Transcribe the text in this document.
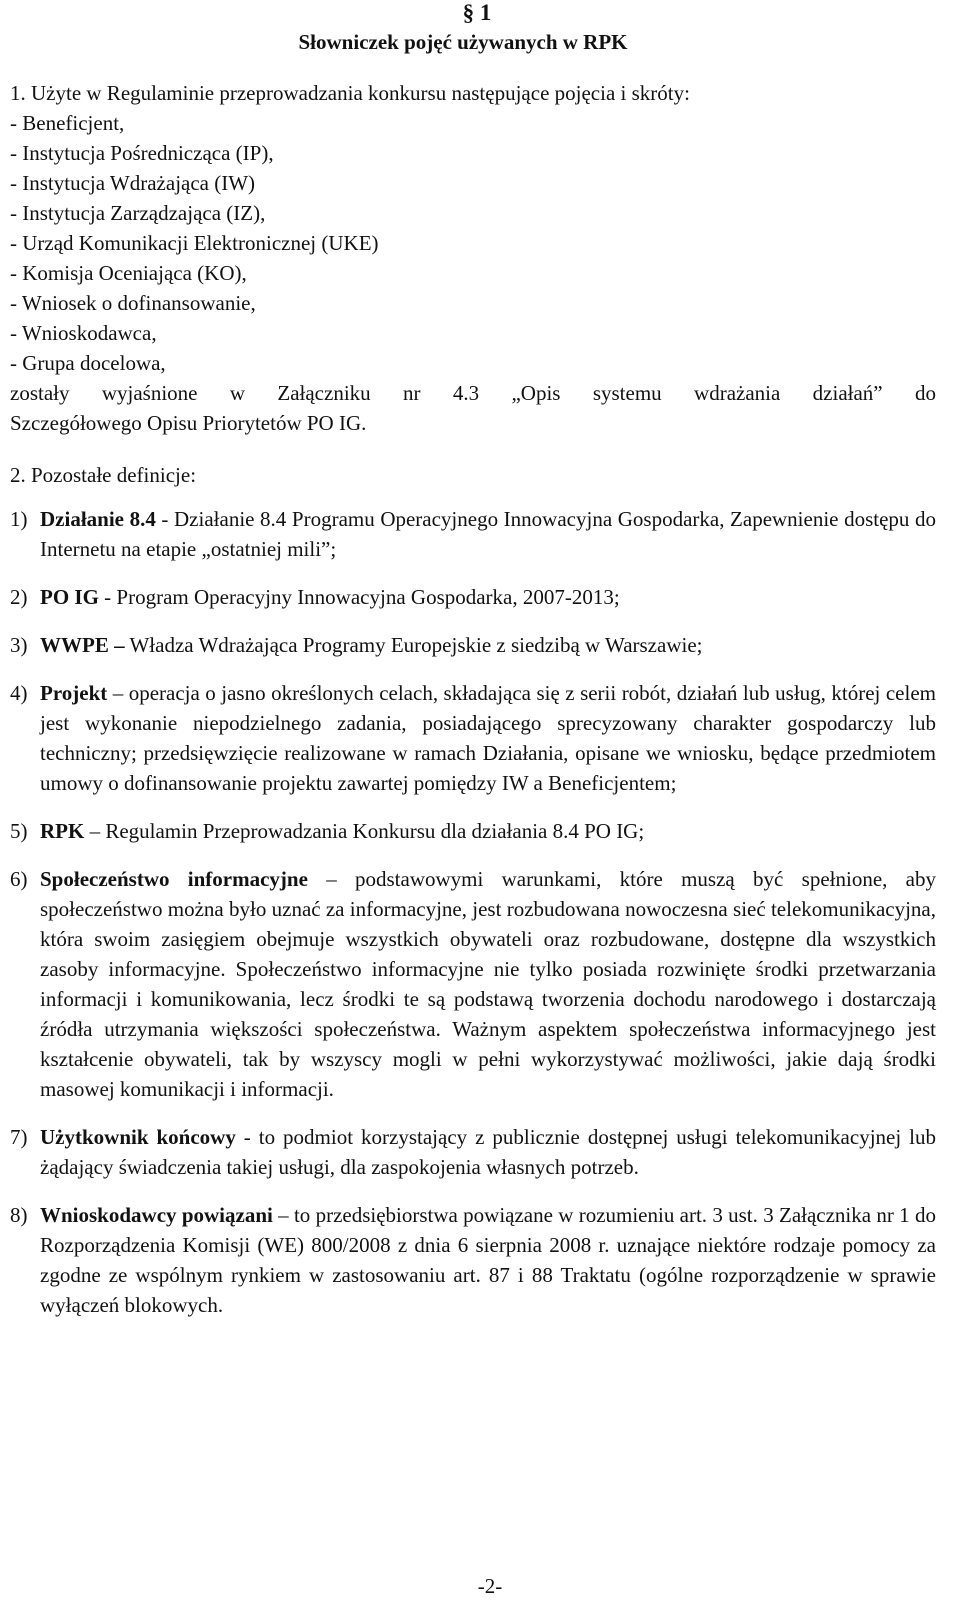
§ 1
Słowniczek pojęć używanych w RPK
1. Użyte w Regulaminie przeprowadzania konkursu następujące pojęcia i skróty:
- Beneficjent,
- Instytucja Pośrednicząca (IP),
- Instytucja Wdrażająca (IW)
- Instytucja Zarządzająca (IZ),
- Urząd Komunikacji Elektronicznej (UKE)
- Komisja Oceniająca (KO),
- Wniosek o dofinansowanie,
- Wnioskodawca,
- Grupa docelowa,
zostały wyjaśnione w Załączniku nr 4.3 „Opis systemu wdrażania działań” do
Szczegółowego Opisu Priorytetów PO IG.
2. Pozostałe definicje:
1) Działanie 8.4 - Działanie 8.4 Programu Operacyjnego Innowacyjna Gospodarka, Zapewnienie dostępu do Internetu na etapie „ostatniej mili”;
2) PO IG - Program Operacyjny Innowacyjna Gospodarka, 2007-2013;
3) WWPE – Władza Wdrażająca Programy Europejskie z siedzibą w Warszawie;
4) Projekt – operacja o jasno określonych celach, składająca się z serii robót, działań lub usług, której celem jest wykonanie niepodzielnego zadania, posiadającego sprecyzowany charakter gospodarczy lub techniczny; przedsięwzięcie realizowane w ramach Działania, opisane we wniosku, będące przedmiotem umowy o dofinansowanie projektu zawartej pomiędzy IW a Beneficjentem;
5) RPK – Regulamin Przeprowadzania Konkursu dla działania 8.4 PO IG;
6) Społeczeństwo informacyjne – podstawowymi warunkami, które muszą być spełnione, aby społeczeństwo można było uznać za informacyjne, jest rozbudowana nowoczesna sieć telekomunikacyjna, która swoim zasięgiem obejmuje wszystkich obywateli oraz rozbudowane, dostępne dla wszystkich zasoby informacyjne. Społeczeństwo informacyjne nie tylko posiada rozwinięte środki przetwarzania informacji i komunikowania, lecz środki te są podstawą tworzenia dochodu narodowego i dostarczają źródła utrzymania większości społeczeństwa. Ważnym aspektem społeczeństwa informacyjnego jest kształcenie obywateli, tak by wszyscy mogli w pełni wykorzystywać możliwości, jakie dają środki masowej komunikacji i informacji.
7) Użytkownik końcowy - to podmiot korzystający z publicznie dostępnej usługi telekomunikacyjnej lub żądający świadczenia takiej usługi, dla zaspokojenia własnych potrzeb.
8) Wnioskodawcy powiązani – to przedsiębiorstwa powiązane w rozumieniu art. 3 ust. 3 Załącznika nr 1 do Rozporządzenia Komisji (WE) 800/2008 z dnia 6 sierpnia 2008 r. uznające niektóre rodzaje pomocy za zgodne ze wspólnym rynkiem w zastosowaniu art. 87 i 88 Traktatu (ogólne rozporządzenie w sprawie wyłączeń blokowych.
-2-
